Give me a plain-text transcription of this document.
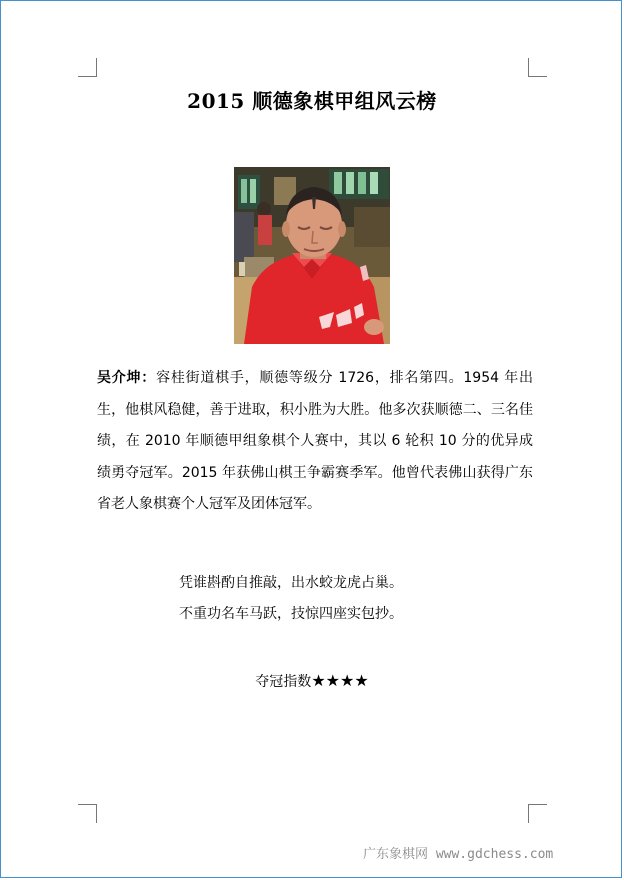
2015 顺德象棋甲组风云榜
吴介坤：容桂街道棋手，顺德等级分 1726，排名第四。1954 年出生，他棋风稳健，善于进取，积小胜为大胜。他多次获顺德二、三名佳绩，在 2010 年顺德甲组象棋个人赛中，其以 6 轮积 10 分的优异成绩勇夺冠军。2015 年获佛山棋王争霸赛季军。他曾代表佛山获得广东省老人象棋赛个人冠军及团体冠军。
凭谁斟酌自推敲，出水蛟龙虎占巢。
不重功名车马跃，技惊四座实包抄。
夺冠指数★★★★
广东象棋网 www.gdchess.com
